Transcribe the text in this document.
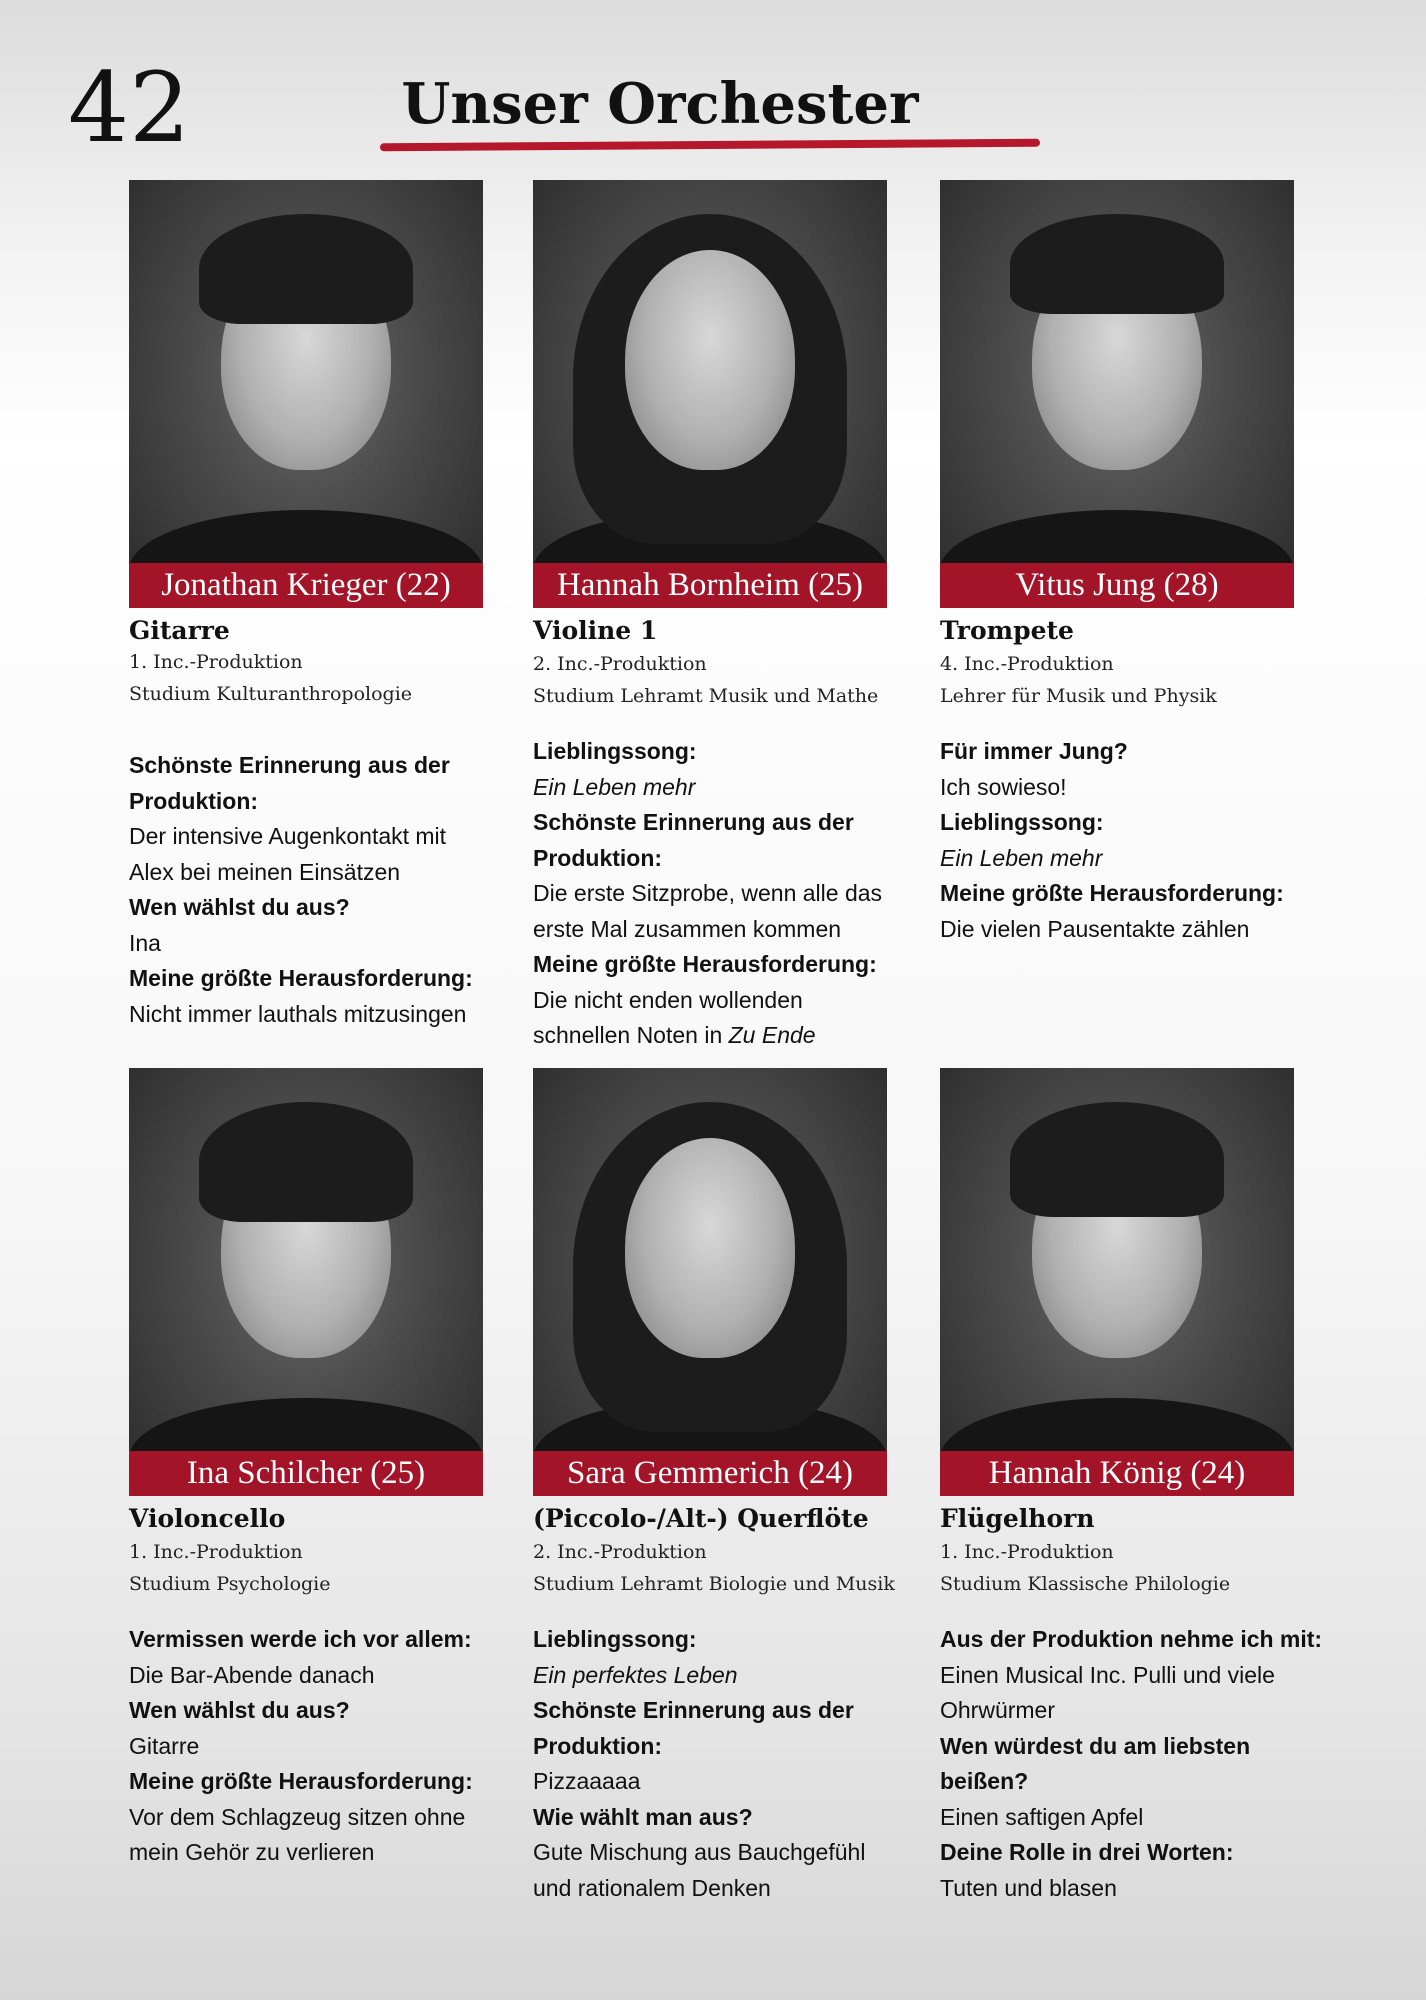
42	Unser Orchester
Jonathan Krieger (22)
Gitarre
1. Inc.-Produktion
Studium Kulturanthropologie
Schönste Erinnerung aus der
Produktion:
Der intensive Augenkontakt mit
Alex bei meinen Einsätzen
Wen wählst du aus?
Ina
Meine größte Herausforderung:
Nicht immer lauthals mitzusingen
Hannah Bornheim (25)
Violine 1
2. Inc.-Produktion
Studium Lehramt Musik und Mathe
Lieblingssong:
Ein Leben mehr
Schönste Erinnerung aus der
Produktion:
Die erste Sitzprobe, wenn alle das
erste Mal zusammen kommen
Meine größte Herausforderung:
Die nicht enden wollenden
schnellen Noten in Zu Ende
Vitus Jung (28)
Trompete
4. Inc.-Produktion
Lehrer für Musik und Physik
Für immer Jung?
Ich sowieso!
Lieblingssong:
Ein Leben mehr
Meine größte Herausforderung:
Die vielen Pausentakte zählen
Ina Schilcher (25)
Violoncello
1. Inc.-Produktion
Studium Psychologie
Vermissen werde ich vor allem:
Die Bar-Abende danach
Wen wählst du aus?
Gitarre
Meine größte Herausforderung:
Vor dem Schlagzeug sitzen ohne
mein Gehör zu verlieren
Sara Gemmerich (24)
(Piccolo-/Alt-) Querflöte
2. Inc.-Produktion
Studium Lehramt Biologie und Musik
Lieblingssong:
Ein perfektes Leben
Schönste Erinnerung aus der
Produktion:
Pizzaaaaa
Wie wählt man aus?
Gute Mischung aus Bauchgefühl
und rationalem Denken
Hannah König (24)
Flügelhorn
1. Inc.-Produktion
Studium Klassische Philologie
Aus der Produktion nehme ich mit:
Einen Musical Inc. Pulli und viele
Ohrwürmer
Wen würdest du am liebsten
beißen?
Einen saftigen Apfel
Deine Rolle in drei Worten:
Tuten und blasen
